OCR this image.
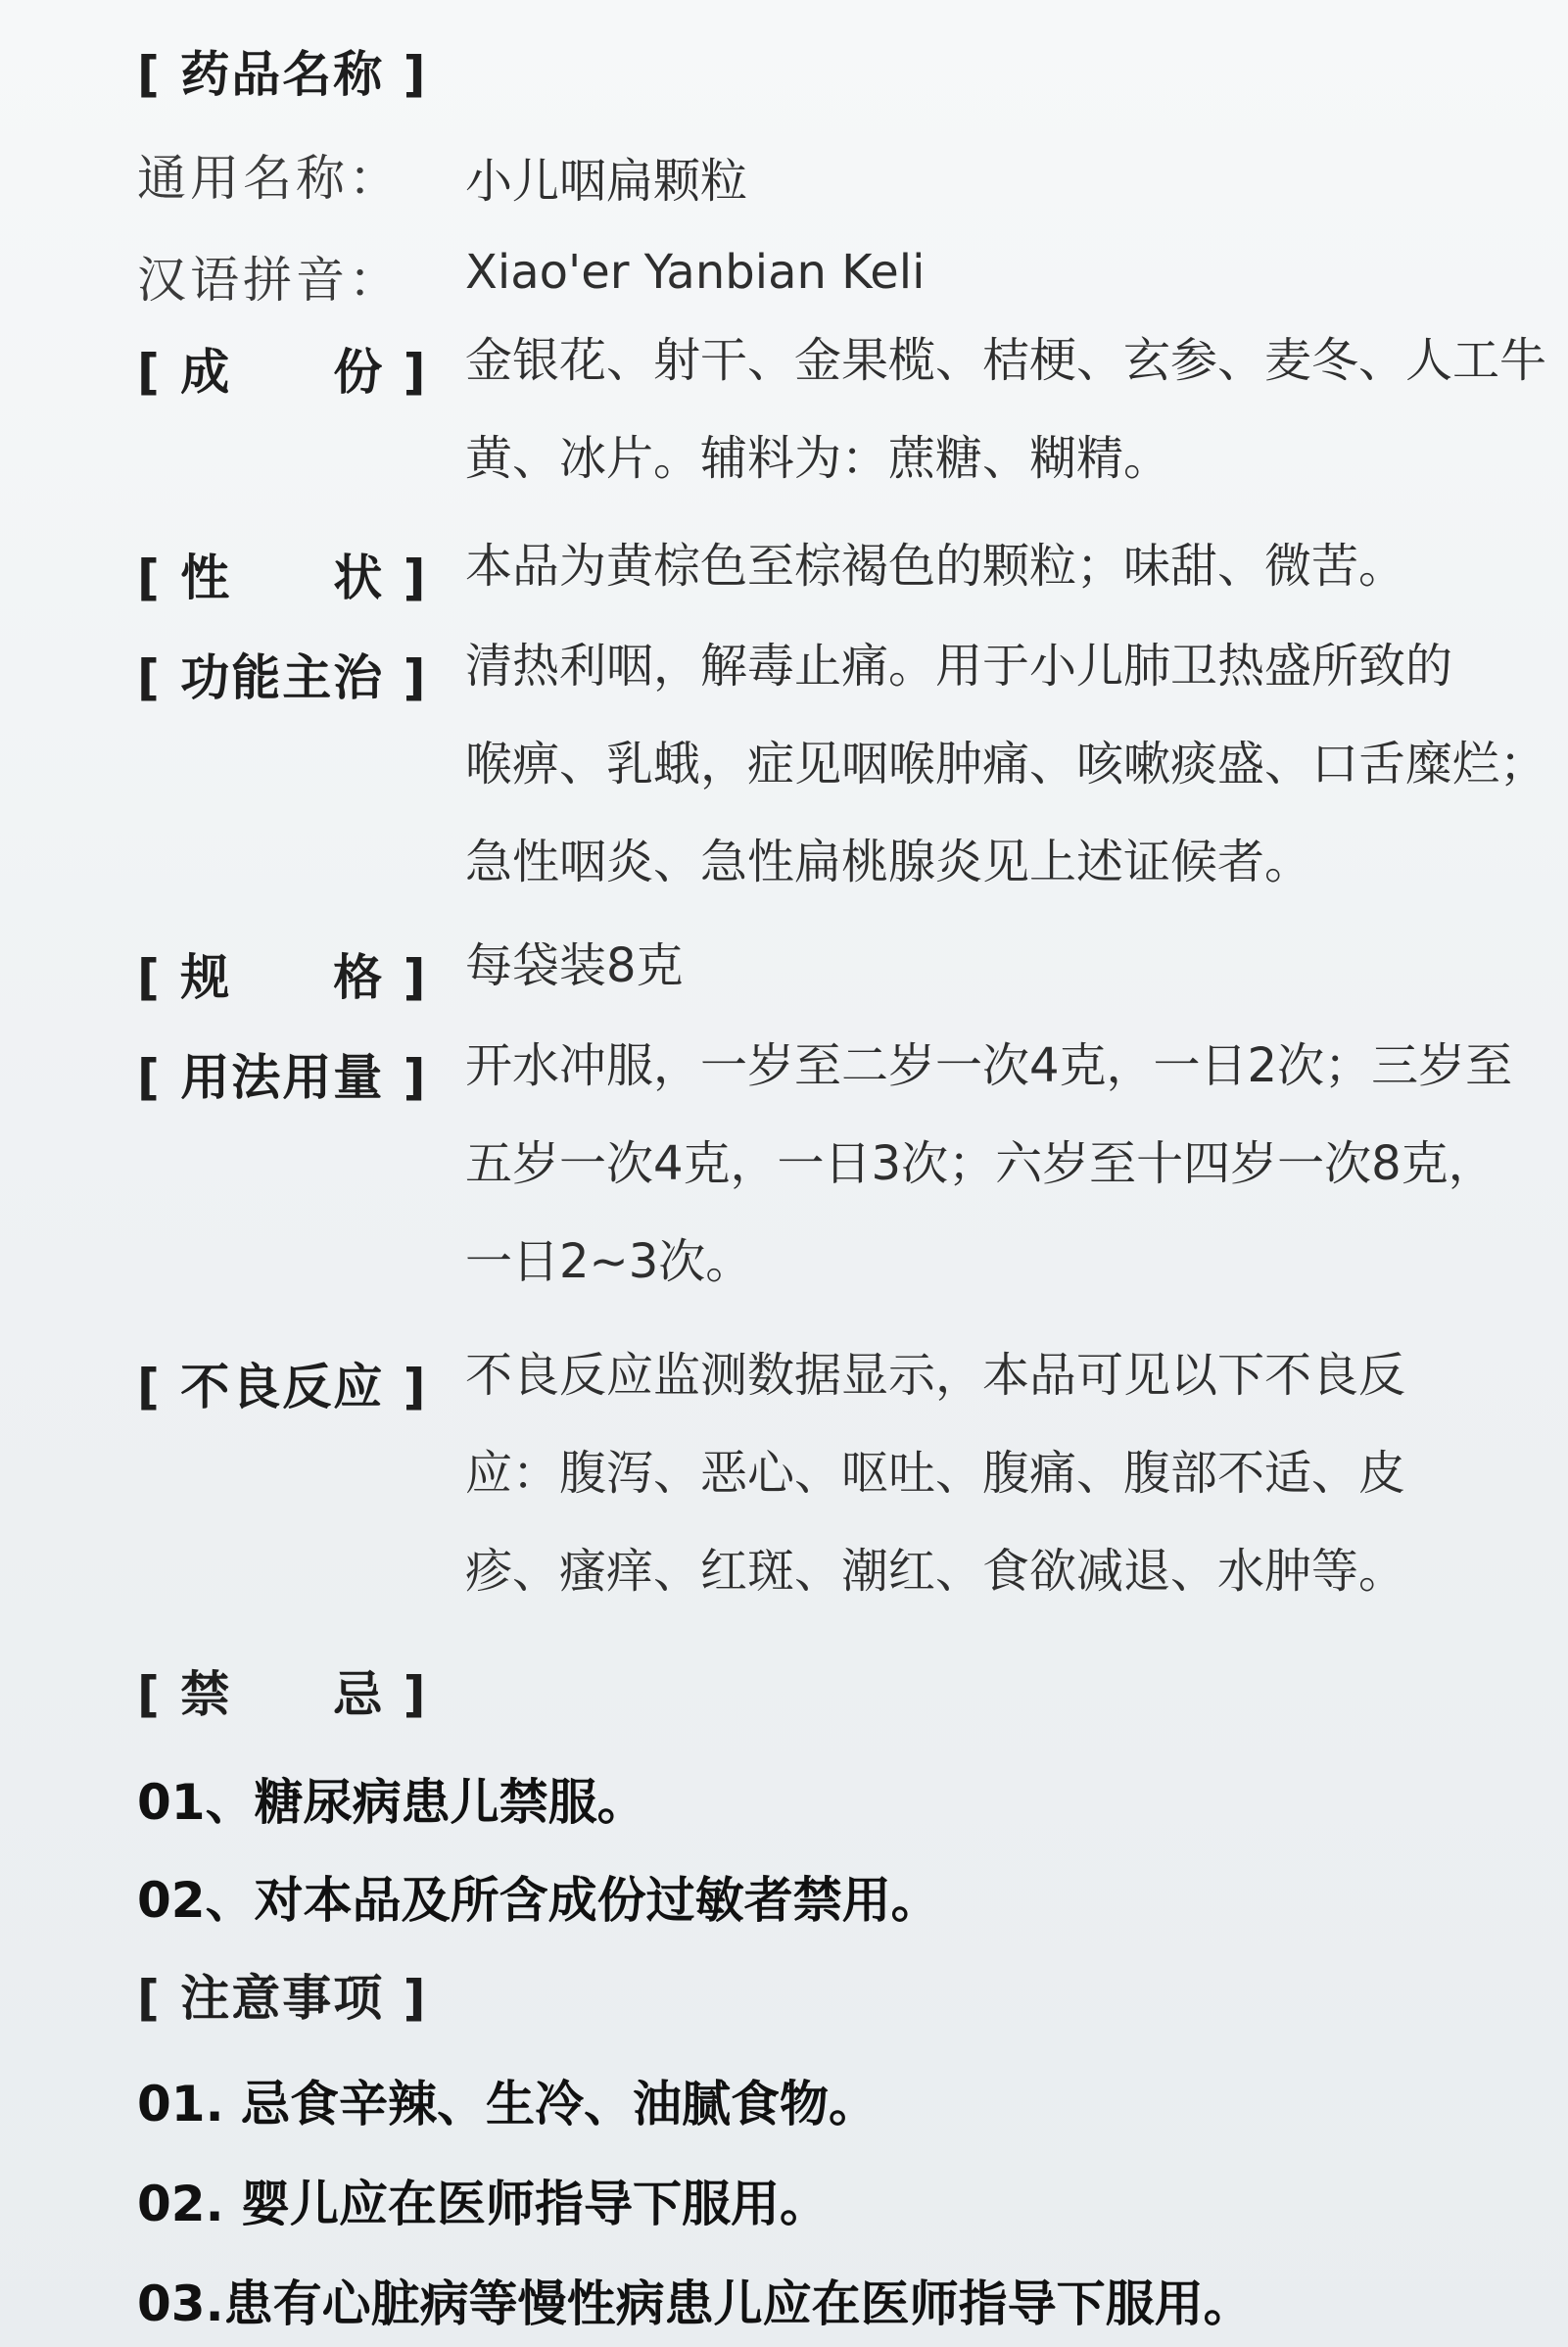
[ 药品名称 ]
通用名称： 小儿咽扁颗粒
汉语拼音： Xiao'er Yanbian Keli
[ 成　　份 ] 金银花、射干、金果榄、桔梗、玄参、麦冬、人工牛

黄、冰片。辅料为：蔗糖、糊精。

[ 性　　状 ] 本品为黄棕色至棕褐色的颗粒；味甜、微苦。

[ 功能主治 ] 清热利咽，解毒止痛。用于小儿肺卫热盛所致的

喉痹、乳蛾，症见咽喉肿痛、咳嗽痰盛、口舌糜烂；

急性咽炎、急性扁桃腺炎见上述证候者。

[ 规　　格 ] 每袋装8克

[ 用法用量 ] 开水冲服，一岁至二岁一次4克，一日2次；三岁至

五岁一次4克，一日3次；六岁至十四岁一次8克，

一日2~3次。

[ 不良反应 ] 不良反应监测数据显示，本品可见以下不良反

应：腹泻、恶心、呕吐、腹痛、腹部不适、皮

疹、瘙痒、红斑、潮红、食欲减退、水肿等。

[ 禁　　忌 ]
01、糖尿病患儿禁服。
02、对本品及所含成份过敏者禁用。
[ 注意事项 ]
01. 忌食辛辣、生冷、油腻食物。
02. 婴儿应在医师指导下服用。
03.患有心脏病等慢性病患儿应在医师指导下服用。
